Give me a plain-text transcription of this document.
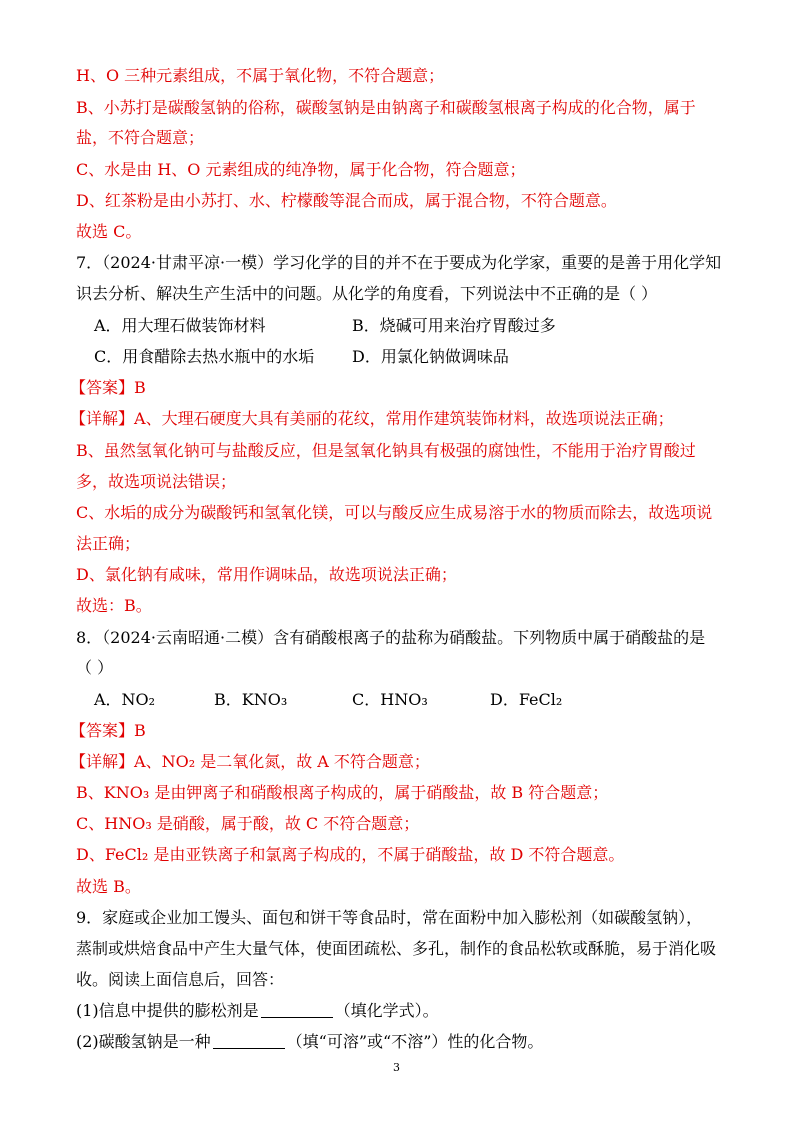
H、O 三种元素组成，不属于氧化物，不符合题意；
B、小苏打是碳酸氢钠的俗称，碳酸氢钠是由钠离子和碳酸氢根离子构成的化合物，属于
盐，不符合题意；
C、水是由 H、O 元素组成的纯净物，属于化合物，符合题意；
D、红茶粉是由小苏打、水、柠檬酸等混合而成，属于混合物，不符合题意。
故选 C。
7．（2024·甘肃平凉·一模）学习化学的目的并不在于要成为化学家，重要的是善于用化学知
识去分析、解决生产生活中的问题。从化学的角度看，下列说法中不正确的是（ ）
A．用大理石做装饰材料	B．烧碱可用来治疗胃酸过多
C．用食醋除去热水瓶中的水垢 D．用氯化钠做调味品
【答案】B
【详解】A、大理石硬度大具有美丽的花纹，常用作建筑装饰材料，故选项说法正确；
B、虽然氢氧化钠可与盐酸反应，但是氢氧化钠具有极强的腐蚀性，不能用于治疗胃酸过
多，故选项说法错误；
C、水垢的成分为碳酸钙和氢氧化镁，可以与酸反应生成易溶于水的物质而除去，故选项说
法正确；
D、氯化钠有咸味，常用作调味品，故选项说法正确；
故选：B。
8．（2024·云南昭通·二模）含有硝酸根离子的盐称为硝酸盐。下列物质中属于硝酸盐的是
（ ）
A．NO₂	B．KNO₃	C．HNO₃	D．FeCl₂
【答案】B
【详解】A、NO₂ 是二氧化氮，故 A 不符合题意；
B、KNO₃ 是由钾离子和硝酸根离子构成的，属于硝酸盐，故 B 符合题意；
C、HNO₃ 是硝酸，属于酸，故 C 不符合题意；
D、FeCl₂ 是由亚铁离子和氯离子构成的，不属于硝酸盐，故 D 不符合题意。
故选 B。
9．家庭或企业加工馒头、面包和饼干等食品时，常在面粉中加入膨松剂（如碳酸氢钠），
蒸制或烘焙食品中产生大量气体，使面团疏松、多孔，制作的食品松软或酥脆，易于消化吸
收。阅读上面信息后，回答：
(1)信息中提供的膨松剂是	（填化学式）。
(2)碳酸氢钠是一种	（填“可溶”或“不溶”）性的化合物。
3
